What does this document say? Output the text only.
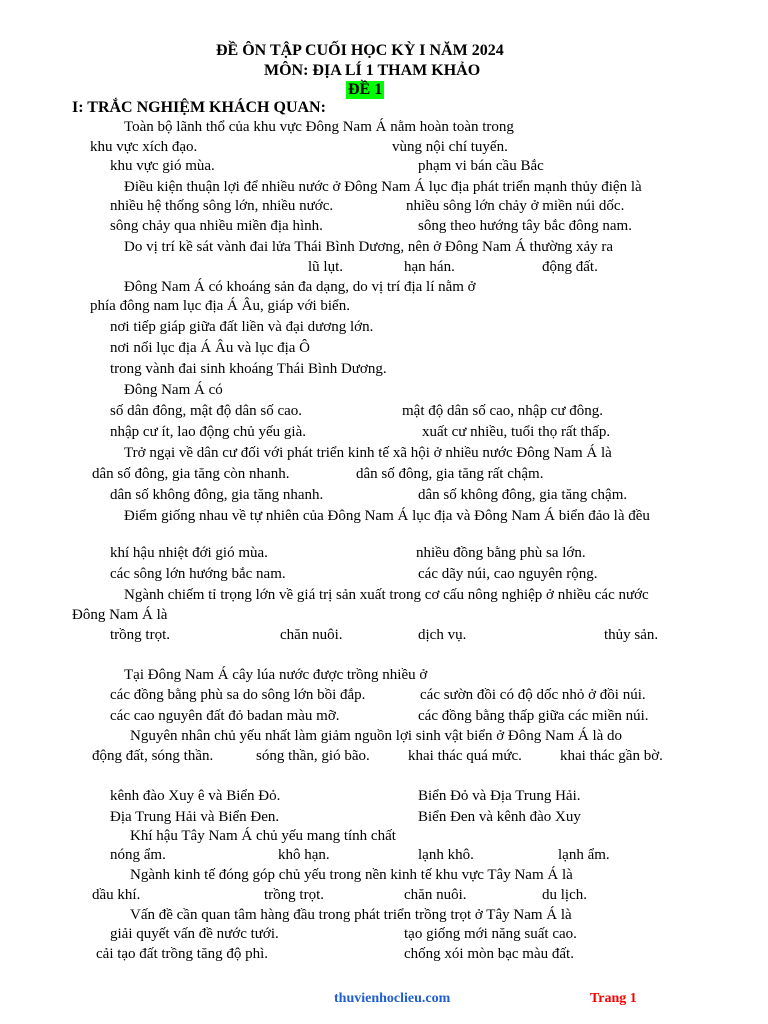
ĐỀ ÔN TẬP CUỐI HỌC KỲ I NĂM 2024
MÔN: ĐỊA LÍ 1 THAM KHẢO
ĐỀ 1
I: TRẮC NGHIỆM KHÁCH QUAN:
Toàn bộ lãnh thổ của khu vực Đông Nam Á nằm hoàn toàn trong
khu vực xích đạo.	vùng nội chí tuyến.
khu vực gió mùa.	phạm vi bán cầu Bắc
Điều kiện thuận lợi để nhiều nước ở Đông Nam Á lục địa phát triển mạnh thủy điện là
nhiều hệ thống sông lớn, nhiều nước.	nhiều sông lớn chảy ở miền núi dốc.
sông chảy qua nhiều miền địa hình.	sông theo hướng tây bắc đông nam.
Do vị trí kề sát vành đai lửa Thái Bình Dương, nên ở Đông Nam Á thường xảy ra
lũ lụt.	hạn hán.	động đất.
Đông Nam Á có khoáng sản đa dạng, do vị trí địa lí nằm ở
phía đông nam lục địa Á Âu, giáp với biển.
nơi tiếp giáp giữa đất liền và đại dương lớn.
nơi nối lục địa Á Âu và lục địa Ô
trong vành đai sinh khoáng Thái Bình Dương.
Đông Nam Á có
số dân đông, mật độ dân số cao.	mật độ dân số cao, nhập cư đông.
nhập cư ít, lao động chủ yếu già.	xuất cư nhiều, tuổi thọ rất thấp.
Trở ngại về dân cư đối với phát triển kinh tế xã hội ở nhiều nước Đông Nam Á là
dân số đông, gia tăng còn nhanh.	dân số đông, gia tăng rất chậm.
dân số không đông, gia tăng nhanh.	dân số không đông, gia tăng chậm.
Điểm giống nhau về tự nhiên của Đông Nam Á lục địa và Đông Nam Á biển đảo là đều
khí hậu nhiệt đới gió mùa.	nhiều đồng bằng phù sa lớn.
các sông lớn hướng bắc nam.	các dãy núi, cao nguyên rộng.
Ngành chiếm tỉ trọng lớn về giá trị sản xuất trong cơ cấu nông nghiệp ở nhiều các nước
Đông Nam Á là
trồng trọt.	chăn nuôi.	dịch vụ.	thủy sản.
Tại Đông Nam Á cây lúa nước được trồng nhiều ở
các đồng bằng phù sa do sông lớn bồi đắp.	các sườn đồi có độ dốc nhỏ ở đồi núi.
các cao nguyên đất đỏ badan màu mỡ.	các đồng bằng thấp giữa các miền núi.
Nguyên nhân chủ yếu nhất làm giảm nguồn lợi sinh vật biển ở Đông Nam Á là do
động đất, sóng thần.	sóng thần, gió bão.	khai thác quá mức.	khai thác gần bờ.
kênh đào Xuy ê và Biển Đỏ.	Biển Đỏ và Địa Trung Hải.
Địa Trung Hải và Biển Đen.	Biển Đen và kênh đào Xuy
Khí hậu Tây Nam Á chủ yếu mang tính chất
nóng ẩm.	khô hạn.	lạnh khô.	lạnh ẩm.
Ngành kinh tế đóng góp chủ yếu trong nền kinh tế khu vực Tây Nam Á là
dầu khí.	trồng trọt.	chăn nuôi.	du lịch.
Vấn đề cần quan tâm hàng đầu trong phát triển trồng trọt ở Tây Nam Á là
giải quyết vấn đề nước tưới.	tạo giống mới năng suất cao.
cải tạo đất trồng tăng độ phì.	chống xói mòn bạc màu đất.
thuvienhoclieu.com	Trang 1
